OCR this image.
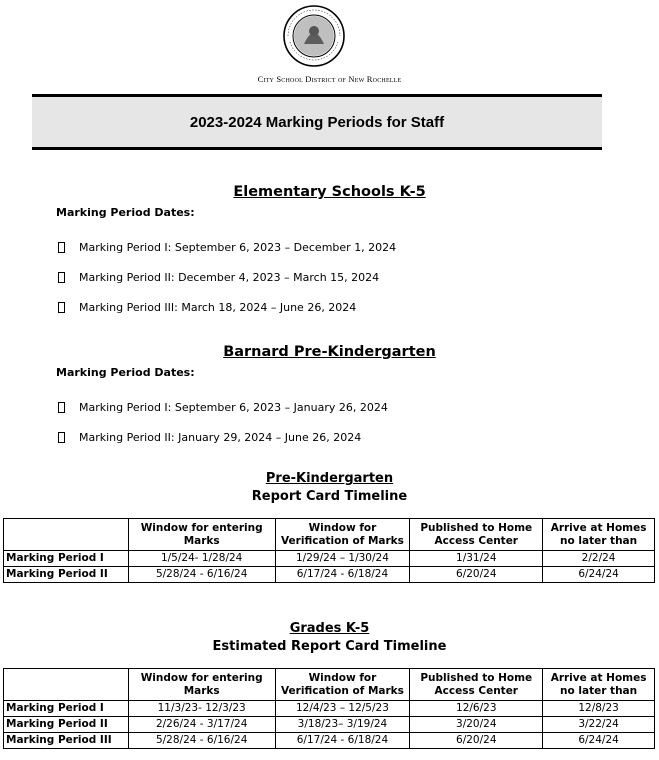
City School District of New Rochelle
2023-2024 Marking Periods for Staff
Elementary Schools K-5
Marking Period Dates:
Marking Period I: September 6, 2023 – December 1, 2024
Marking Period II: December 4, 2023 – March 15, 2024
Marking Period III: March 18, 2024 – June 26, 2024
Barnard Pre-Kindergarten
Marking Period Dates:
Marking Period I: September 6, 2023 – January 26, 2024
Marking Period II: January 29, 2024 – June 26, 2024
Pre-Kindergarten
Report Card Timeline
	Window for entering Marks	Window for Verification of Marks	Published to Home Access Center	Arrive at Homes no later than
Marking Period I	1/5/24- 1/28/24	1/29/24 – 1/30/24	1/31/24	2/2/24
Marking Period II	5/28/24 - 6/16/24	6/17/24 - 6/18/24	6/20/24	6/24/24
Grades K-5
Estimated Report Card Timeline
	Window for entering Marks	Window for Verification of Marks	Published to Home Access Center	Arrive at Homes no later than
Marking Period I	11/3/23- 12/3/23	12/4/23 – 12/5/23	12/6/23	12/8/23
Marking Period II	2/26/24 - 3/17/24	3/18/23– 3/19/24	3/20/24	3/22/24
Marking Period III	5/28/24 - 6/16/24	6/17/24 - 6/18/24	6/20/24	6/24/24
